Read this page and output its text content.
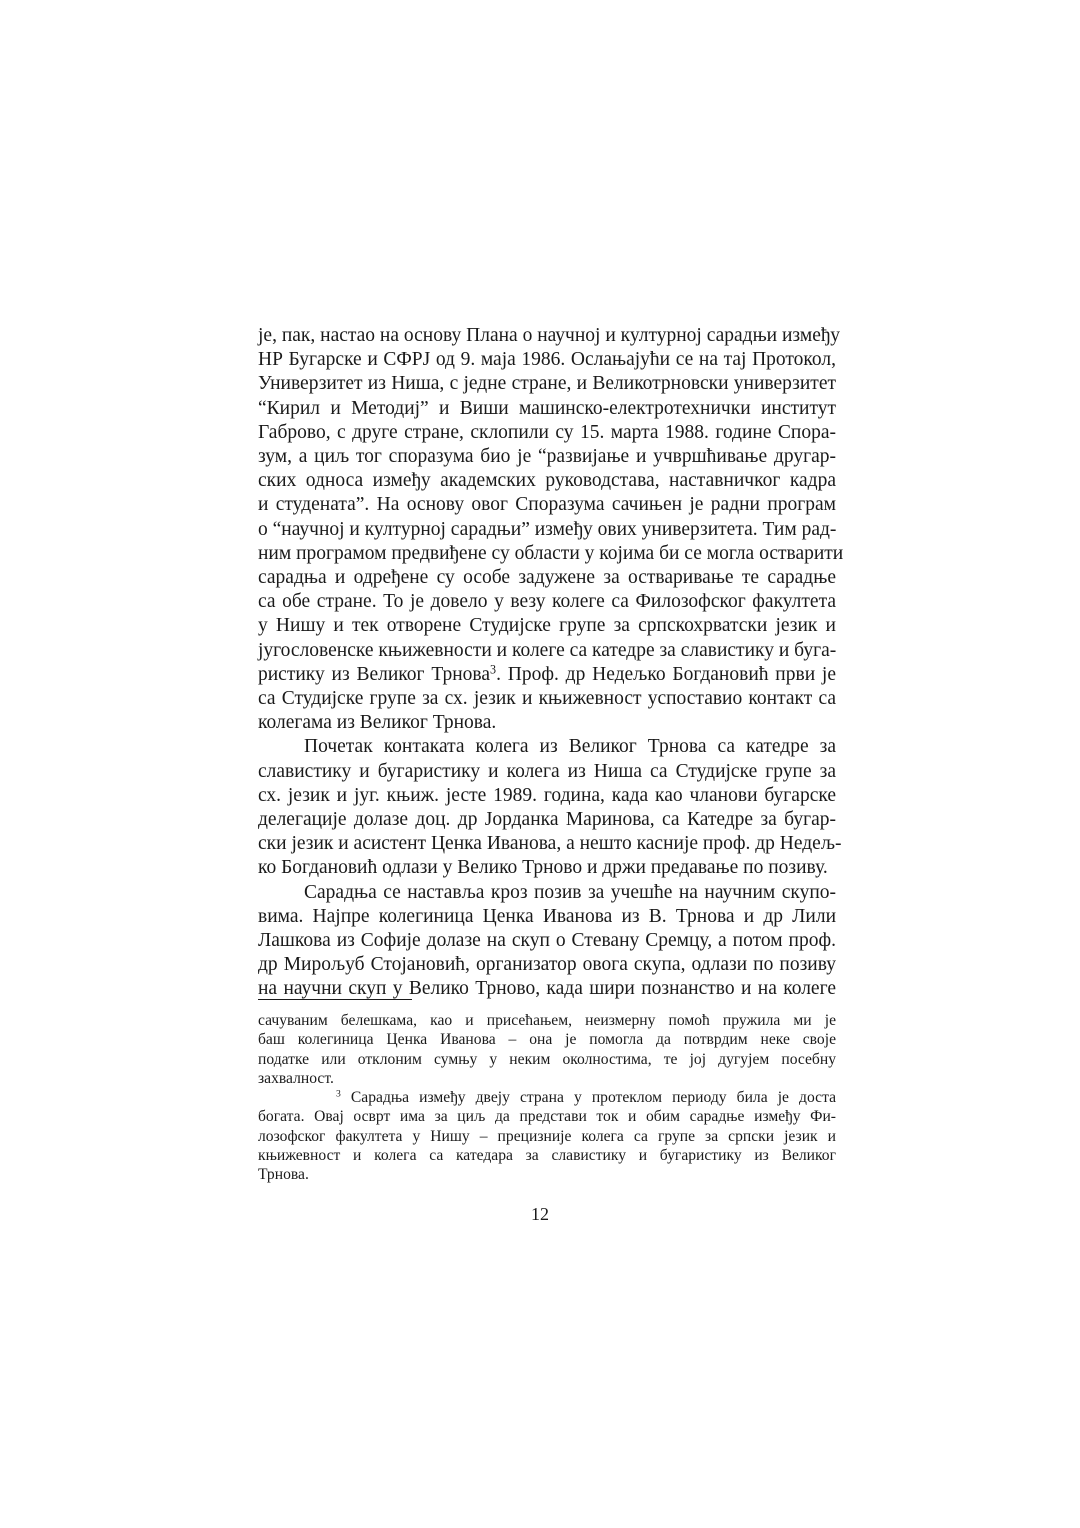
је, пак, настао на основу Плана о научној и културној сарадњи између
НР Бугарске и СФРЈ од 9. маја 1986. Ослањајући се на тај Протокол,
Универзитет из Ниша, с једне стране, и Великотрновски универзитет
“Кирил и Методиј” и Виши машинско-електротехнички институт
Габрово, с друге стране, склопили су 15. марта 1988. године Спора-
зум, а циљ тог споразума био је “развијање и учвршћивање другар-
ских односа између академских руководстава, наставничког кадра
и студената”. На основу овог Споразума сачињен је радни програм
о “научној и културној сарадњи” између ових универзитета. Тим рад-
ним програмом предвиђене су области у којима би се могла остварити
сарадња и одређене су особе задужене за остваривање те сарадње
са обе стране. То је довело у везу колеге са Филозофског факултета
у Нишу и тек отворене Студијске групе за српскохрватски језик и
југословенске књижевности и колеге са катедре за славистику и буга-
ристику из Великог Трнова$^3$. Проф. др Недељко Богдановић први је
са Студијске групе за сх. језик и књижевност успоставио контакт са
колегама из Великог Трнова.

Почетак контаката колега из Великог Трнова са катедре за
славистику и бугаристику и колега из Ниша са Студијске групе за
сх. језик и југ. књиж. јесте 1989. година, када као чланови бугарске
делегације долазе доц. др Јорданка Маринова, са Катедре за бугар-
ски језик и асистент Ценка Иванова, а нешто касније проф. др Недељ-
ко Богдановић одлази у Велико Трново и држи предавање по позиву.

Сарадња се наставља кроз позив за учешће на научним скупо-
вима. Најпре колегиница Ценка Иванова из В. Трнова и др Лили
Лашкова из Софије долазе на скуп о Стевану Сремцу, а потом проф.
др Мирољуб Стојановић, организатор овога скупа, одлази по позиву
на научни скуп у Велико Трново, када шири познанство и на колеге

сачуваним белешкама, као и присећањем, неизмерну помоћ пружила ми је
баш колегиница Ценка Иванова – она је помогла да потврдим неке своје
податке или отклоним сумњу у неким околностима, те јој дугујем посебну
захвалност.
$^3$ Сарадња између двеју страна у протеклом периоду била је доста
богата. Овај осврт има за циљ да представи ток и обим сарадње између Фи-
лозофског факултета у Нишу – прецизније колега са групе за српски језик и
књижевност и колега са катедара за славистику и бугаристику из Великог
Трнова.
12
